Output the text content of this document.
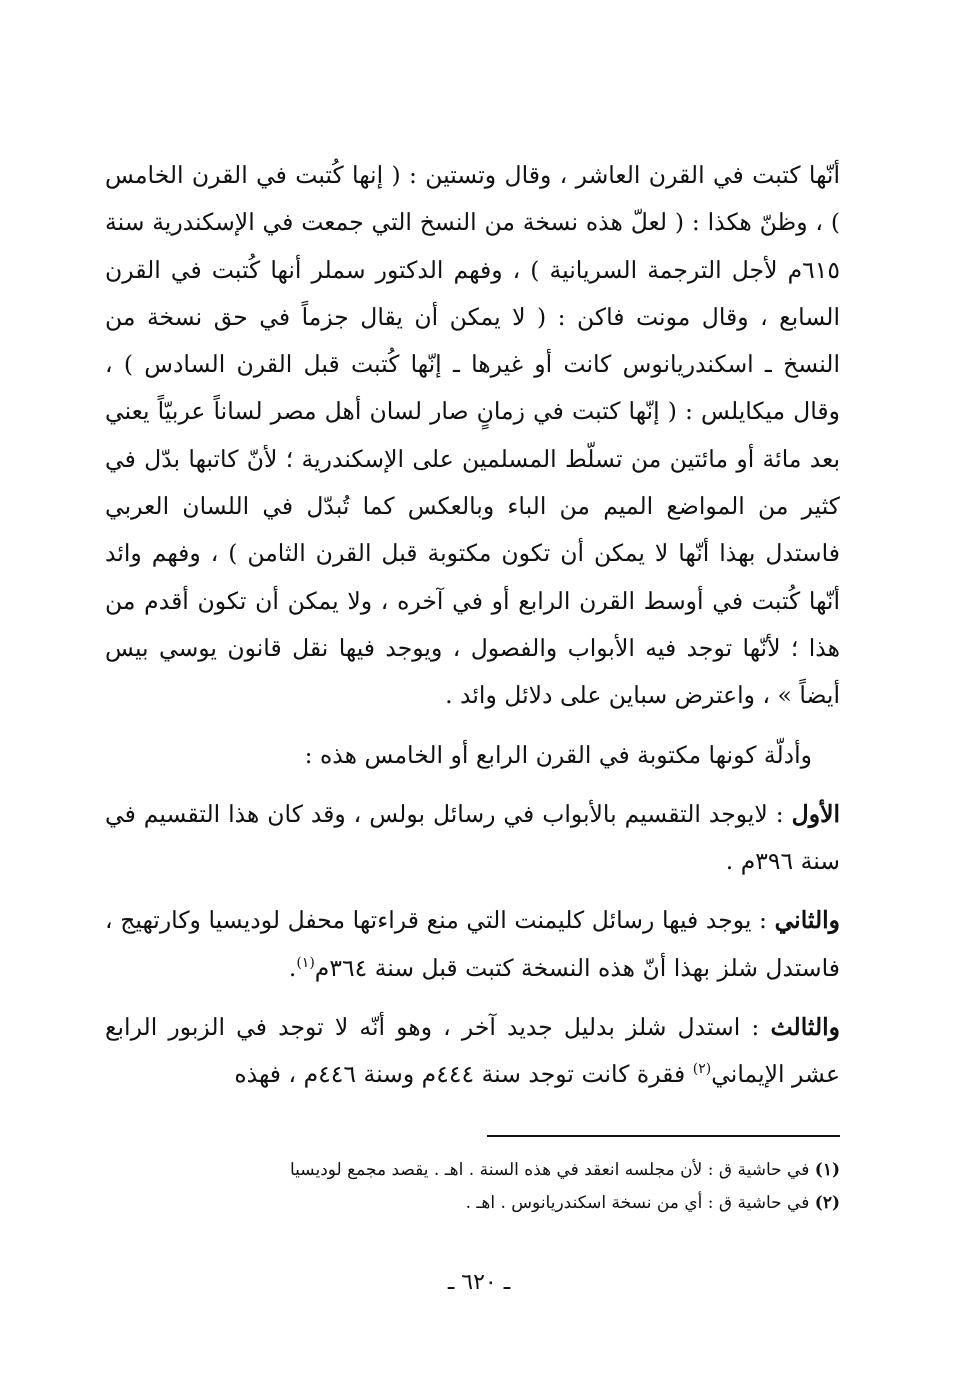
أنّها كتبت في القرن العاشر ، وقال وتستين : ( إنها كُتبت في القرن الخامس ) ، وظنّ هكذا : ( لعلّ هذه نسخة من النسخ التي جمعت في الإسكندرية سنة ٦١٥م لأجل الترجمة السريانية ) ، وفهم الدكتور سملر أنها كُتبت في القرن السابع ، وقال مونت فاكن : ( لا يمكن أن يقال جزماً في حق نسخة من النسخ ـ اسكندريانوس كانت أو غيرها ـ إنّها كُتبت قبل القرن السادس ) ، وقال ميكايلس : ( إنّها كتبت في زمانٍ صار لسان أهل مصر لساناً عربيّاً يعني بعد مائة أو مائتين من تسلّط المسلمين على الإسكندرية ؛ لأنّ كاتبها بدّل في كثير من المواضع الميم من الباء وبالعكس كما تُبدّل في اللسان العربي فاستدل بهذا أنّها لا يمكن أن تكون مكتوبة قبل القرن الثامن ) ، وفهم وائد أنّها كُتبت في أوسط القرن الرابع أو في آخره ، ولا يمكن أن تكون أقدم من هذا ؛ لأنّها توجد فيه الأبواب والفصول ، ويوجد فيها نقل قانون يوسي بيس أيضاً » ، واعترض سباين على دلائل وائد .

وأدلّة كونها مكتوبة في القرن الرابع أو الخامس هذه :

الأول : لايوجد التقسيم بالأبواب في رسائل بولس ، وقد كان هذا التقسيم في سنة ٣٩٦م .

والثاني : يوجد فيها رسائل كليمنت التي منع قراءتها محفل لوديسيا وكارتهيج ، فاستدل شلز بهذا أنّ هذه النسخة كتبت قبل سنة ٣٦٤م$^{(١)}$.

والثالث : استدل شلز بدليل جديد آخر ، وهو أنّه لا توجد في الزبور الرابع عشر الإيماني$^{(٢)}$ فقرة كانت توجد سنة ٤٤٤م وسنة ٤٤٦م ، فهذه

(١) في حاشية ق : لأن مجلسه انعقد في هذه السنة . اهـ . يقصد مجمع لوديسيا

(٢) في حاشية ق : أي من نسخة اسكندريانوس . اهـ .

ـ ٦٢٠ ـ
